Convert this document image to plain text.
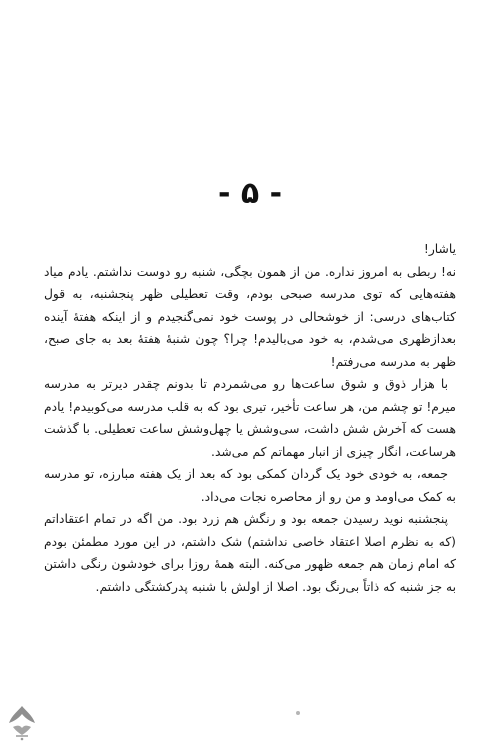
- ۵ -

یاشار!

نه! ربطی به امروز نداره. من از همون بچگی، شنبه رو دوست نداشتم. یادم میاد هفته‌هایی که توی مدرسه صبحی بودم، وقت تعطیلی ظهر پنجشنبه، به قول کتاب‌های درسی: از خوشحالی در پوست خود نمی‌گنجیدم و از اینکه هفتهٔ آینده بعدازظهری می‌شدم، به خود می‌بالیدم! چرا؟ چون شنبهٔ هفتهٔ بعد به جای صبح، ظهر به مدرسه می‌رفتم!

با هزار ذوق و شوق ساعت‌ها رو می‌شمردم تا بدونم چقدر دیرتر به مدرسه میرم! تو چشم من، هر ساعت تأخیر، تیری بود که به قلب مدرسه می‌کوبیدم! یادم هست که آخرش شش داشت، سی‌وشش یا چهل‌وشش ساعت تعطیلی. با گذشت هرساعت، انگار چیزی از انبار مهماتم کم می‌شد.

جمعه، به خودی خود یک گردان کمکی بود که بعد از یک هفته مبارزه، تو مدرسه به کمک می‌اومد و من رو از محاصره نجات می‌داد.

پنجشنبه نوید رسیدن جمعه بود و رنگش هم زرد بود. من اگه در تمام اعتقاداتم (که به نظرم اصلا اعتقاد خاصی نداشتم) شک داشتم، در این مورد مطمئن بودم که امام زمان هم جمعه ظهور می‌کنه. البته همهٔ روزا برای خودشون رنگی داشتن به جز شنبه که ذاتاً بی‌رنگ بود. اصلا از اولش با شنبه پدرکشتگی داشتم.
